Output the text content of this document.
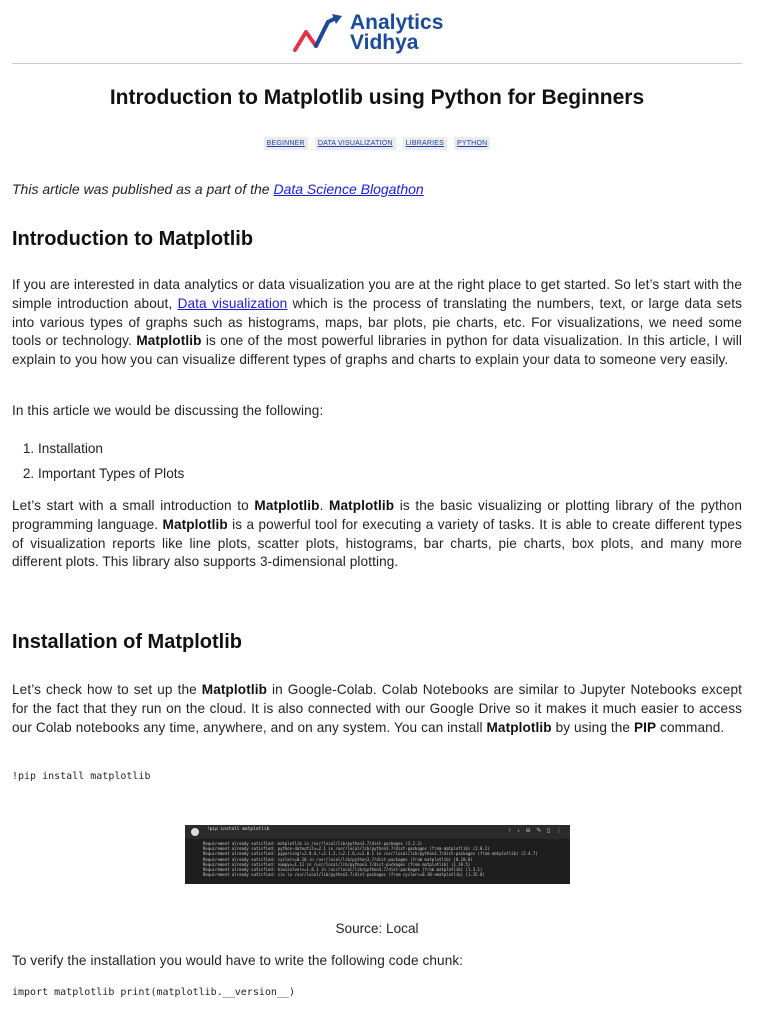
Analytics
Vidhya
Introduction to Matplotlib using Python for Beginners
BEGINNER	DATA VISUALIZATION	LIBRARIES	PYTHON

This article was published as a part of the Data Science Blogathon

Introduction to Matplotlib

If you are interested in data analytics or data visualization you are at the right place to get started. So let’s start with the simple introduction about, Data visualization which is the process of translating the numbers, text, or large data sets into various types of graphs such as histograms, maps, bar plots, pie charts, etc. For visualizations, we need some tools or technology. Matplotlib is one of the most powerful libraries in python for data visualization. In this article, I will explain to you how you can visualize different types of graphs and charts to explain your data to someone very easily.

In this article we would be discussing the following:

1. Installation
2. Important Types of Plots

Let’s start with a small introduction to Matplotlib. Matplotlib is the basic visualizing or plotting library of the python programming language. Matplotlib is a powerful tool for executing a variety of tasks. It is able to create different types of visualization reports like line plots, scatter plots, histograms, bar charts, pie charts, box plots, and many more different plots. This library also supports 3-dimensional plotting.

Installation of Matplotlib

Let’s check how to set up the Matplotlib in Google-Colab. Colab Notebooks are similar to Jupyter Notebooks except for the fact that they run on the cloud. It is also connected with our Google Drive so it makes it much easier to access our Colab notebooks any time, anywhere, and on any system. You can install Matplotlib by using the PIP command.

!pip install matplotlib
!pip install matplotlib	↑ ↓ ⊖ ✎ ▯ ⋮
Requirement already satisfied: matplotlib in /usr/local/lib/python3.7/dist-packages (3.2.2)
Requirement already satisfied: python-dateutil>=2.1 in /usr/local/lib/python3.7/dist-packages (from matplotlib) (2.8.2)
Requirement already satisfied: pyparsing!=2.0.4,!=2.1.2,!=2.1.6,>=2.0.1 in /usr/local/lib/python3.7/dist-packages (from matplotlib) (2.4.7)
Requirement already satisfied: cycler>=0.10 in /usr/local/lib/python3.7/dist-packages (from matplotlib) (0.10.0)
Requirement already satisfied: numpy>=1.11 in /usr/local/lib/python3.7/dist-packages (from matplotlib) (1.19.5)
Requirement already satisfied: kiwisolver>=1.0.1 in /usr/local/lib/python3.7/dist-packages (from matplotlib) (1.3.1)
Requirement already satisfied: six in /usr/local/lib/python3.7/dist-packages (from cycler>=0.10->matplotlib) (1.15.0)

Source: Local

To verify the installation you would have to write the following code chunk:

import matplotlib print(matplotlib.__version__)
